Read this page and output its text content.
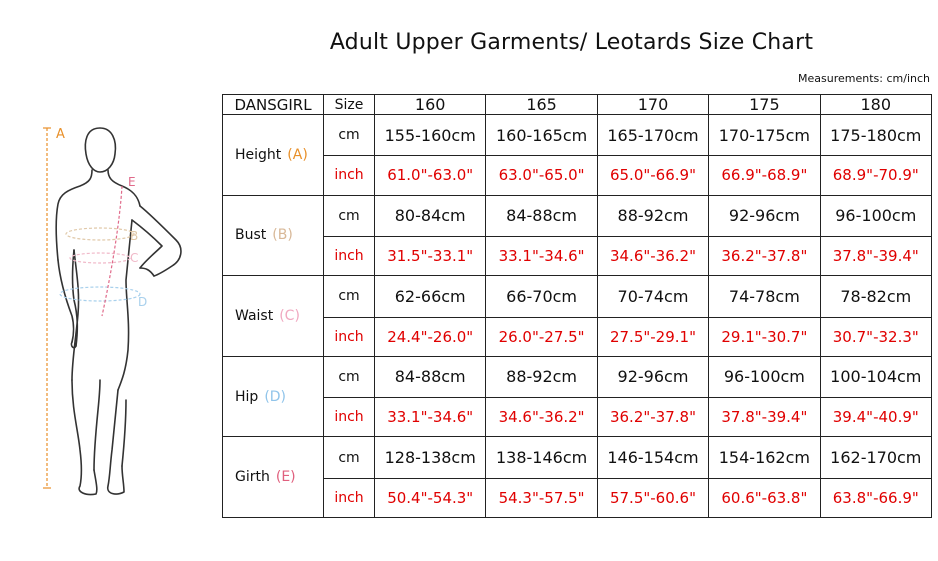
Adult Upper Garments/ Leotards Size Chart
Measurements: cm/inch
A
E
B
C
D
DANSGIRL	Size	160	165	170	175	180
Height (A)	cm	155-160cm	160-165cm	165-170cm	170-175cm	175-180cm
	inch	61.0"-63.0"	63.0"-65.0"	65.0"-66.9"	66.9"-68.9"	68.9"-70.9"
Bust (B)	cm	80-84cm	84-88cm	88-92cm	92-96cm	96-100cm
	inch	31.5"-33.1"	33.1"-34.6"	34.6"-36.2"	36.2"-37.8"	37.8"-39.4"
Waist (C)	cm	62-66cm	66-70cm	70-74cm	74-78cm	78-82cm
	inch	24.4"-26.0"	26.0"-27.5"	27.5"-29.1"	29.1"-30.7"	30.7"-32.3"
Hip (D)	cm	84-88cm	88-92cm	92-96cm	96-100cm	100-104cm
	inch	33.1"-34.6"	34.6"-36.2"	36.2"-37.8"	37.8"-39.4"	39.4"-40.9"
Girth (E)	cm	128-138cm	138-146cm	146-154cm	154-162cm	162-170cm
	inch	50.4"-54.3"	54.3"-57.5"	57.5"-60.6"	60.6"-63.8"	63.8"-66.9"
